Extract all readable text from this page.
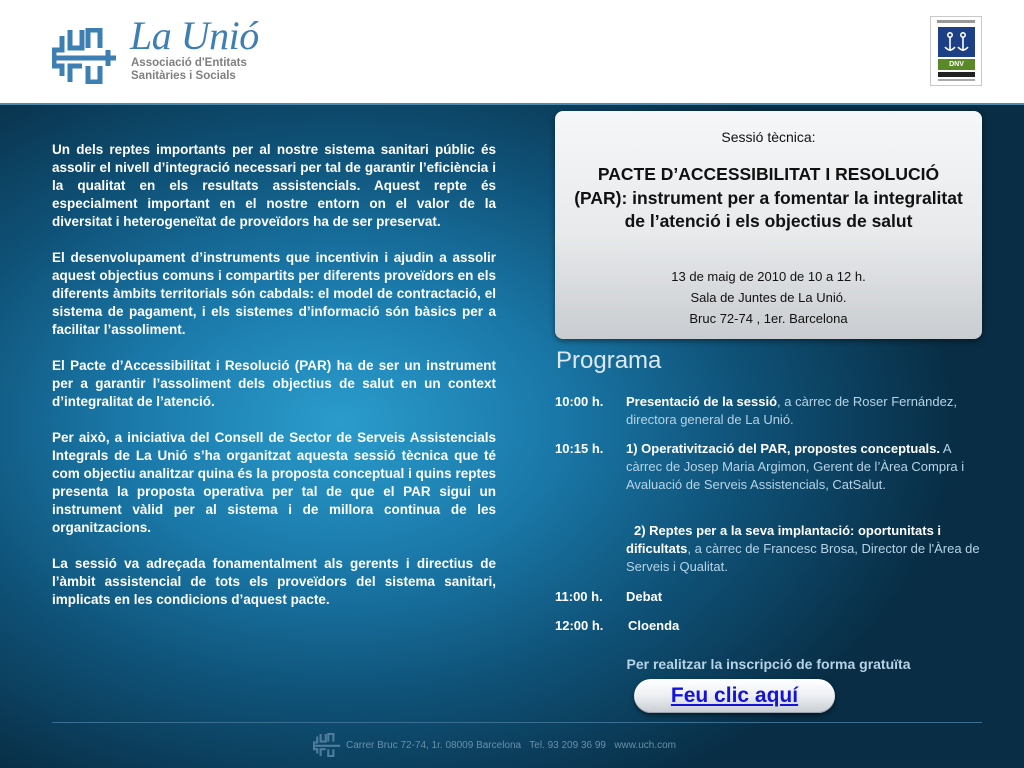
La Unió
Associació d'Entitats
Sanitàries i Socials
DNV

Un dels reptes importants per al nostre sistema sanitari públic és assolir el nivell d’integració necessari per tal de garantir l’eficiència i la qualitat en els resultats assistencials. Aquest repte és especialment important en el nostre entorn on el valor de la diversitat i heterogeneïtat de proveïdors ha de ser preservat.

El desenvolupament d’instruments que incentivin i ajudin a assolir aquest objectius comuns i compartits per diferents proveïdors en els diferents àmbits territorials són cabdals: el model de contractació, el sistema de pagament, i els sistemes d’informació són bàsics per a facilitar l’assoliment.

El Pacte d’Accessibilitat i Resolució (PAR) ha de ser un instrument per a garantir l’assoliment dels objectius de salut en un context d’integralitat de l’atenció.

Per això, a iniciativa del Consell de Sector de Serveis Assistencials Integrals de La Unió s’ha organitzat aquesta sessió tècnica que té com objectiu analitzar quina és la proposta conceptual i quins reptes presenta la proposta operativa per tal de que el PAR sigui un instrument vàlid per al sistema i de millora continua de les organitzacions.

La sessió va adreçada fonamentalment als gerents i directius de l’àmbit assistencial de tots els proveïdors del sistema sanitari, implicats en les condicions d’aquest pacte.

Sessió tècnica:
PACTE D’ACCESSIBILITAT I RESOLUCIÓ (PAR): instrument per a fomentar la integralitat de l’atenció i els objectius de salut
13 de maig de 2010 de 10 a 12 h.
Sala de Juntes de La Unió.
Bruc 72-74 , 1er. Barcelona
Programa
10:00 h. Presentació de la sessió, a càrrec de Roser Fernández, directora general de La Unió.
10:15 h. 1) Operativització del PAR, propostes conceptuals. A càrrec de Josep Maria Argimon, Gerent de l’Àrea Compra i Avaluació de Serveis Assistencials, CatSalut.
2) Reptes per a la seva implantació: oportunitats i dificultats, a càrrec de Francesc Brosa, Director de l'Àrea de Serveis i Qualitat.
11:00 h. Debat
12:00 h. Cloenda
Per realitzar la inscripció de forma gratuïta
Feu clic aquí
Carrer Bruc 72-74, 1r. 08009 Barcelona   Tel. 93 209 36 99   www.uch.com
